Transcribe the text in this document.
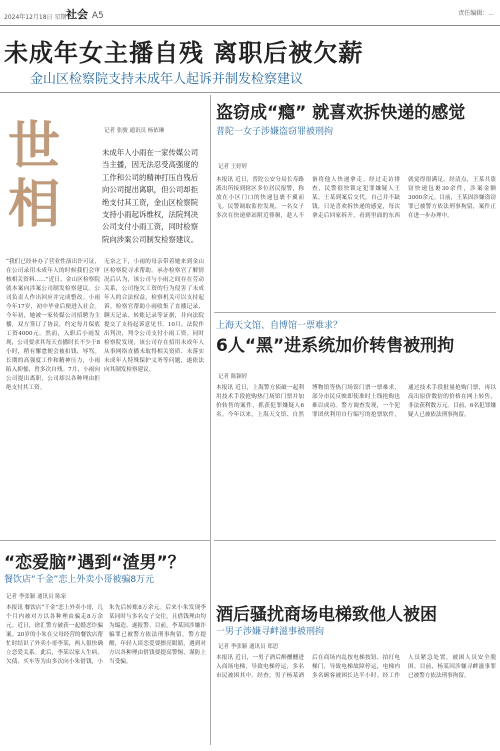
2024年12月18日 星期一
社会 A5	责任编辑：...
未成年女主播自残 离职后被欠薪
金山区检察院支持未成年人起诉并制发检察建议
记者 张骏 通讯员 杨依琳
世相
未成年人小雨在一家传媒公司当主播，因无法忍受高强度的工作和公司的精神打压自残后向公司提出离职，但公司却拒绝支付其工资，金山区检察院支持小雨起诉维权，法院判决公司支付小雨工资，同时检察院向涉案公司制发检察建议。
“我们已经补办了营业性演出许可证，在公司录用未成年人的时候我们会审核相关资料……”近日，金山区检察院就本案向涉案公司制发检察建议。公司负责人作出回应并完成整改。小雨今年17岁，初中毕业后便进入社会。今年初，她被一家传媒公司招聘为主播，双方签订了协议，约定每月保底工资4000元。然而，入职后小雨发现，公司要求其每天直播时长不少于8小时，稍有懈怠便会被扣钱、辱骂。长期的高强度工作和精神压力，小雨陷入抑郁，曾多次自残。7月，小雨向公司提出离职，公司却以各种理由拒绝支付其工资。
无奈之下，小雨的母亲带着她来到金山区检察院寻求帮助。承办检察官了解情况后认为，该公司与小雨之间存在劳动关系，公司拖欠工资的行为侵害了未成年人的合法权益，检察机关可以支持起诉。检察官帮助小雨收集了直播记录、聊天记录、转账记录等证据，并向法院提交了支持起诉意见书。10月，法院作出判决，判令公司支付小雨工资。同时检察院发现，该公司存在招用未成年人从事网络直播未取得相关资质、未落实未成年人特殊保护义务等问题，遂依法向其制发检察建议。
盗窃成“瘾” 就喜欢拆快递的感觉
普陀一女子涉嫌盗窃罪被刑拘
记者 王婷婷
本报讯 近日，普陀公安分局长寿路派出所接到辖区多位居民报警，称放在小区门口的快递包裹不翼而飞。民警调取监控发现，一名女子多次在快递驿站附近徘徊，趁人不备将他人快递拿走。经过走访排查，民警很快锁定犯罪嫌疑人王某。王某到案后交代，自己并不缺钱，只是喜欢拆快递的感觉，每次拿走后回家拆开，看到里面的东西就觉得很满足。经清点，王某共盗窃快递包裹30余件，涉案金额3000余元。目前，王某因涉嫌盗窃罪已被警方依法刑事拘留，案件正在进一步办理中。
上海天文馆、自博馆一票难求？
6人“黑”进系统加价转售被刑拘
记者 陈颖婷
本报讯 近日，上海警方侦破一起利用技术手段抢购热门场馆门票并加价转售的案件，抓获犯罪嫌疑人6名。今年以来，上海天文馆、自然博物馆等热门场馆门票一票难求，部分市民反映即使准时上线抢购也难以成功。警方调查发现，一个犯罪团伙利用自行编写的抢票软件，通过技术手段批量抢购门票，再以高出原价数倍的价格在网上转售，非法获利数万元。目前，6名犯罪嫌疑人已被依法刑事拘留。
“恋爱脑”遇到“渣男”？
餐饮店“千金”恋上外卖小哥被骗8万元
记者 季张颖 通讯员 陈家
本报讯 餐饮店“千金”恋上外卖小哥，几个月内被对方以各种理由骗走8万余元。近日，徐汇警方破获一起婚恋诈骗案。20岁的小朱在父母经营的餐饮店帮忙时结识了外卖小哥李某，两人很快确立恋爱关系。此后，李某以家人生病、欠债、买车等为由多次向小朱借钱，小朱先后转账8万余元。后来小朱发现李某同时与多名女子交往，且借钱理由均为编造，遂报警。目前，李某因涉嫌诈骗罪已被警方依法刑事拘留。警方提醒，年轻人谈恋爱要擦亮眼睛，遇到对方以各种理由借钱要提高警惕，谨防上当受骗。
酒后骚扰商场电梯致他人被困
一男子涉嫌寻衅滋事被刑拘
记者 季张颖 通讯员 郑思
本报讯 近日，一男子酒后醉醺醺进入商场电梯，导致电梯停运，多名市民被困其中。经查，男子杨某酒后在商场内乱按电梯按钮、拍打电梯门，导致电梯故障停运，电梯内多名顾客被困长达半小时。经工作人员紧急处置，被困人员安全脱困。目前，杨某因涉嫌寻衅滋事罪已被警方依法刑事拘留。
